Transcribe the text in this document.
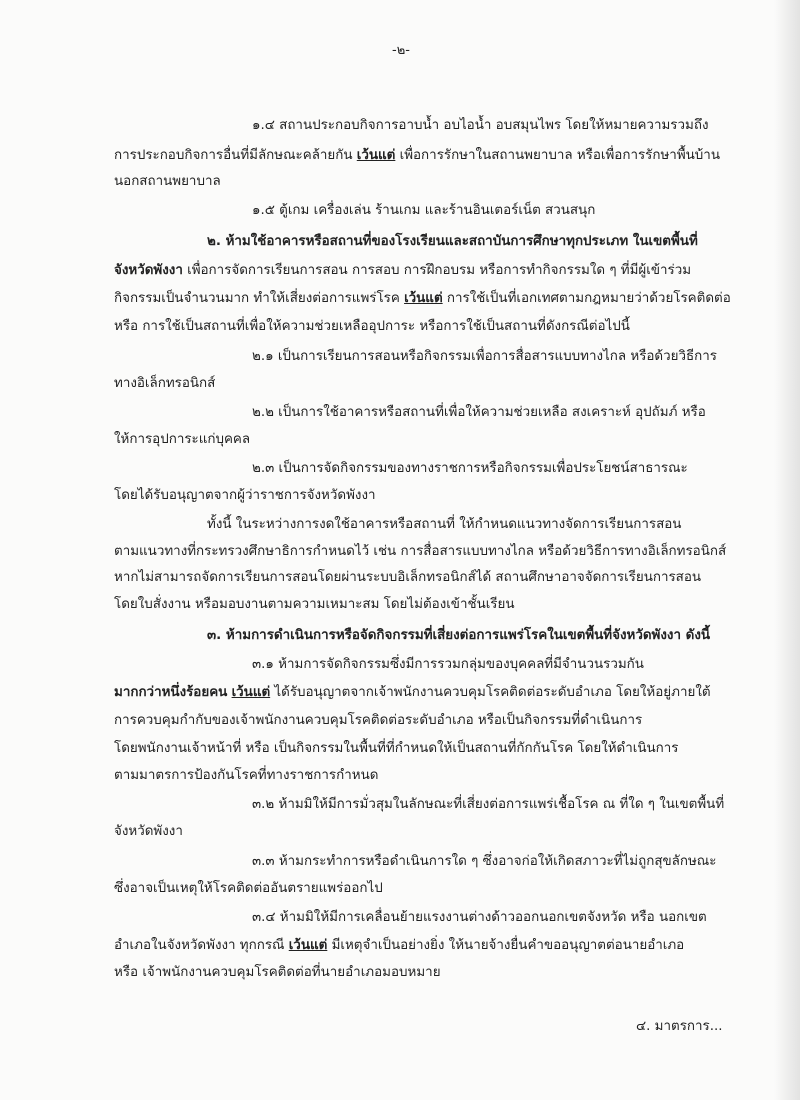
-๒-
๑.๔ สถานประกอบกิจการอาบน้ำ อบไอน้ำ อบสมุนไพร โดยให้หมายความรวมถึง
การประกอบกิจการอื่นที่มีลักษณะคล้ายกัน เว้นแต่ เพื่อการรักษาในสถานพยาบาล หรือเพื่อการรักษาพื้นบ้าน
นอกสถานพยาบาล
๑.๕ ตู้เกม เครื่องเล่น ร้านเกม และร้านอินเตอร์เน็ต สวนสนุก
๒. ห้ามใช้อาคารหรือสถานที่ของโรงเรียนและสถาบันการศึกษาทุกประเภท ในเขตพื้นที่
จังหวัดพังงา เพื่อการจัดการเรียนการสอน การสอบ การฝึกอบรม หรือการทำกิจกรรมใด ๆ ที่มีผู้เข้าร่วม
กิจกรรมเป็นจำนวนมาก ทำให้เสี่ยงต่อการแพร่โรค เว้นแต่ การใช้เป็นที่เอกเทศตามกฎหมายว่าด้วยโรคติดต่อ
หรือ การใช้เป็นสถานที่เพื่อให้ความช่วยเหลืออุปการะ หรือการใช้เป็นสถานที่ดังกรณีต่อไปนี้
๒.๑ เป็นการเรียนการสอนหรือกิจกรรมเพื่อการสื่อสารแบบทางไกล หรือด้วยวิธีการ
ทางอิเล็กทรอนิกส์
๒.๒ เป็นการใช้อาคารหรือสถานที่เพื่อให้ความช่วยเหลือ สงเคราะห์ อุปถัมภ์ หรือ
ให้การอุปการะแก่บุคคล
๒.๓ เป็นการจัดกิจกรรมของทางราชการหรือกิจกรรมเพื่อประโยชน์สาธารณะ
โดยได้รับอนุญาตจากผู้ว่าราชการจังหวัดพังงา
ทั้งนี้ ในระหว่างการงดใช้อาคารหรือสถานที่ ให้กำหนดแนวทางจัดการเรียนการสอน
ตามแนวทางที่กระทรวงศึกษาธิการกำหนดไว้ เช่น การสื่อสารแบบทางไกล หรือด้วยวิธีการทางอิเล็กทรอนิกส์
หากไม่สามารถจัดการเรียนการสอนโดยผ่านระบบอิเล็กทรอนิกส์ได้ สถานศึกษาอาจจัดการเรียนการสอน
โดยใบสั่งงาน หรือมอบงานตามความเหมาะสม โดยไม่ต้องเข้าชั้นเรียน
๓. ห้ามการดำเนินการหรือจัดกิจกรรมที่เสี่ยงต่อการแพร่โรคในเขตพื้นที่จังหวัดพังงา ดังนี้
๓.๑ ห้ามการจัดกิจกรรมซึ่งมีการรวมกลุ่มของบุคคลที่มีจำนวนรวมกัน
มากกว่าหนึ่งร้อยคน เว้นแต่ ได้รับอนุญาตจากเจ้าพนักงานควบคุมโรคติดต่อระดับอำเภอ โดยให้อยู่ภายใต้
การควบคุมกำกับของเจ้าพนักงานควบคุมโรคติดต่อระดับอำเภอ หรือเป็นกิจกรรมที่ดำเนินการ
โดยพนักงานเจ้าหน้าที่ หรือ เป็นกิจกรรมในพื้นที่ที่กำหนดให้เป็นสถานที่กักกันโรค โดยให้ดำเนินการ
ตามมาตรการป้องกันโรคที่ทางราชการกำหนด
๓.๒ ห้ามมิให้มีการมั่วสุมในลักษณะที่เสี่ยงต่อการแพร่เชื้อโรค ณ ที่ใด ๆ ในเขตพื้นที่
จังหวัดพังงา
๓.๓ ห้ามกระทำการหรือดำเนินการใด ๆ ซึ่งอาจก่อให้เกิดสภาวะที่ไม่ถูกสุขลักษณะ
ซึ่งอาจเป็นเหตุให้โรคติดต่ออันตรายแพร่ออกไป
๓.๔ ห้ามมิให้มีการเคลื่อนย้ายแรงงานต่างด้าวออกนอกเขตจังหวัด หรือ นอกเขต
อำเภอในจังหวัดพังงา ทุกกรณี เว้นแต่ มีเหตุจำเป็นอย่างยิ่ง ให้นายจ้างยื่นคำขออนุญาตต่อนายอำเภอ
หรือ เจ้าพนักงานควบคุมโรคติดต่อที่นายอำเภอมอบหมาย
๔. มาตรการ...
